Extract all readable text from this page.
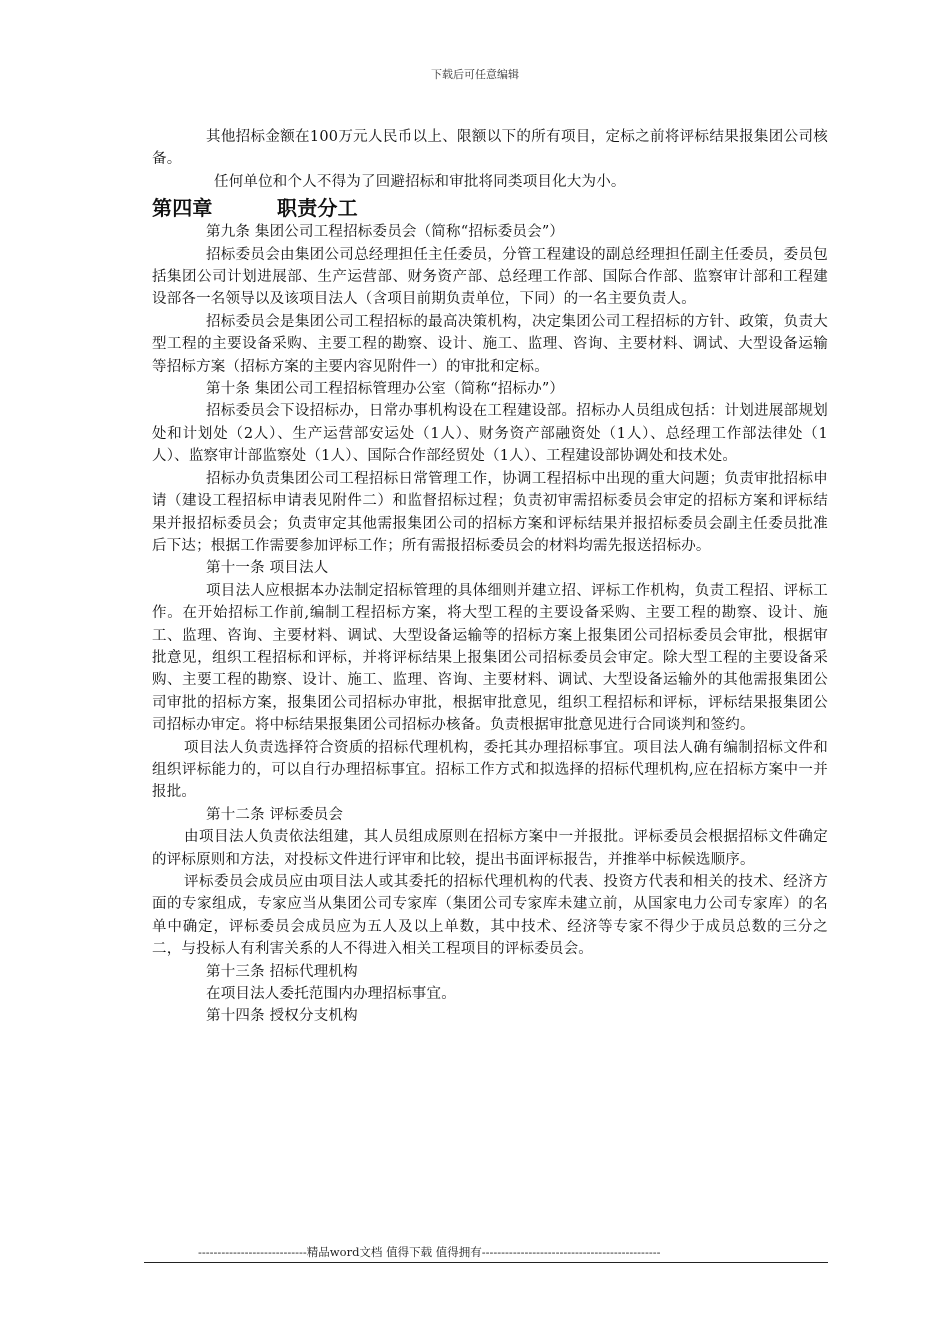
下载后可任意编辑

其他招标金额在100万元人民币以上、限额以下的所有项目，定标之前将评标结果报集团公司核备。

任何单位和个人不得为了回避招标和审批将同类项目化大为小。

第四章	职责分工

第九条 集团公司工程招标委员会（简称“招标委员会”）

招标委员会由集团公司总经理担任主任委员，分管工程建设的副总经理担任副主任委员，委员包括集团公司计划进展部、生产运营部、财务资产部、总经理工作部、国际合作部、监察审计部和工程建设部各一名领导以及该项目法人（含项目前期负责单位，下同）的一名主要负责人。

招标委员会是集团公司工程招标的最高决策机构，决定集团公司工程招标的方针、政策，负责大型工程的主要设备采购、主要工程的勘察、设计、施工、监理、咨询、主要材料、调试、大型设备运输等招标方案（招标方案的主要内容见附件一）的审批和定标。

第十条 集团公司工程招标管理办公室（简称“招标办”）

招标委员会下设招标办，日常办事机构设在工程建设部。招标办人员组成包括：计划进展部规划处和计划处（2人）、生产运营部安运处（1人）、财务资产部融资处（1人）、总经理工作部法律处（1人）、监察审计部监察处（1人）、国际合作部经贸处（1人）、工程建设部协调处和技术处。

招标办负责集团公司工程招标日常管理工作，协调工程招标中出现的重大问题；负责审批招标申请（建设工程招标申请表见附件二）和监督招标过程；负责初审需招标委员会审定的招标方案和评标结果并报招标委员会；负责审定其他需报集团公司的招标方案和评标结果并报招标委员会副主任委员批准后下达；根据工作需要参加评标工作；所有需报招标委员会的材料均需先报送招标办。

第十一条 项目法人

项目法人应根据本办法制定招标管理的具体细则并建立招、评标工作机构，负责工程招、评标工作。在开始招标工作前,编制工程招标方案，将大型工程的主要设备采购、主要工程的勘察、设计、施工、监理、咨询、主要材料、调试、大型设备运输等的招标方案上报集团公司招标委员会审批，根据审批意见，组织工程招标和评标，并将评标结果上报集团公司招标委员会审定。除大型工程的主要设备采购、主要工程的勘察、设计、施工、监理、咨询、主要材料、调试、大型设备运输外的其他需报集团公司审批的招标方案，报集团公司招标办审批，根据审批意见，组织工程招标和评标，评标结果报集团公司招标办审定。将中标结果报集团公司招标办核备。负责根据审批意见进行合同谈判和签约。

项目法人负责选择符合资质的招标代理机构，委托其办理招标事宜。项目法人确有编制招标文件和组织评标能力的，可以自行办理招标事宜。招标工作方式和拟选择的招标代理机构,应在招标方案中一并报批。

第十二条 评标委员会

由项目法人负责依法组建，其人员组成原则在招标方案中一并报批。评标委员会根据招标文件确定的评标原则和方法，对投标文件进行评审和比较，提出书面评标报告，并推举中标候选顺序。

评标委员会成员应由项目法人或其委托的招标代理机构的代表、投资方代表和相关的技术、经济方面的专家组成，专家应当从集团公司专家库（集团公司专家库未建立前，从国家电力公司专家库）的名单中确定，评标委员会成员应为五人及以上单数，其中技术、经济等专家不得少于成员总数的三分之二，与投标人有利害关系的人不得进入相关工程项目的评标委员会。

第十三条 招标代理机构

在项目法人委托范围内办理招标事宜。

第十四条 授权分支机构

----------------------------精品word文档 值得下载 值得拥有----------------------------------------------
